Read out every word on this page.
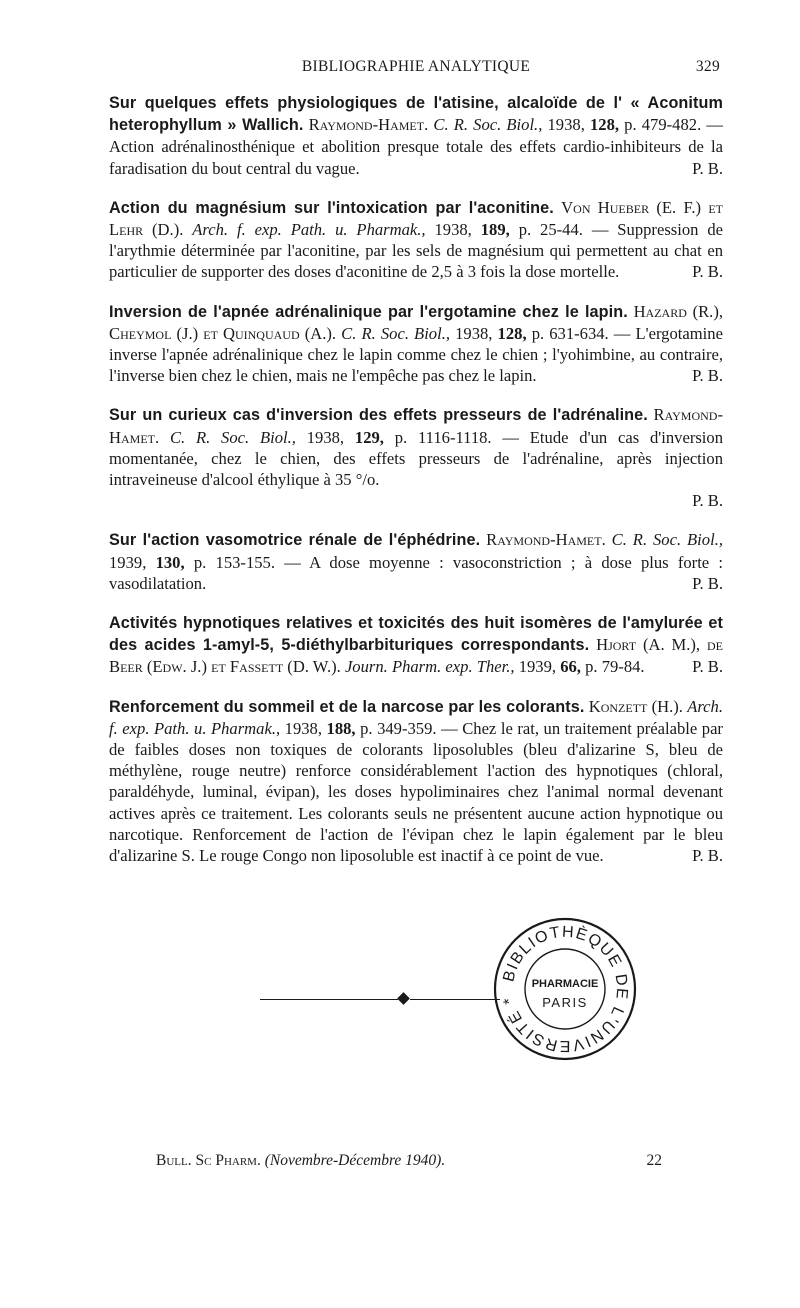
BIBLIOGRAPHIE ANALYTIQUE	329
Sur quelques effets physiologiques de l'atisine, alcaloïde de l' « Aconitum heterophyllum » Wallich. Raymond-Hamet. C. R. Soc. Biol., 1938, 128, p. 479-482. — Action adrénalinosthénique et abolition presque totale des effets cardio-inhibiteurs de la faradisation du bout central du vague.	P. B.
Action du magnésium sur l'intoxication par l'aconitine. Von Hueber (E. F.) et Lehr (D.). Arch. f. exp. Path. u. Pharmak., 1938, 189, p. 25-44. — Suppression de l'arythmie déterminée par l'aconitine, par les sels de magnésium qui permettent au chat en particulier de supporter des doses d'aconitine de 2,5 à 3 fois la dose mortelle.	P. B.
Inversion de l'apnée adrénalinique par l'ergotamine chez le lapin. Hazard (R.), Cheymol (J.) et Quinquaud (A.). C. R. Soc. Biol., 1938, 128, p. 631-634. — L'ergotamine inverse l'apnée adrénalinique chez le lapin comme chez le chien ; l'yohimbine, au contraire, l'inverse bien chez le chien, mais ne l'empêche pas chez le lapin.	P. B.
Sur un curieux cas d'inversion des effets presseurs de l'adrénaline. Raymond-Hamet. C. R. Soc. Biol., 1938, 129, p. 1116-1118. — Etude d'un cas d'inversion momentanée, chez le chien, des effets presseurs de l'adrénaline, après injection intraveineuse d'alcool éthylique à 35 °/o.
P. B.
Sur l'action vasomotrice rénale de l'éphédrine. Raymond-Hamet. C. R. Soc. Biol., 1939, 130, p. 153-155. — A dose moyenne : vasoconstriction ; à dose plus forte : vasodilatation.	P. B.
Activités hypnotiques relatives et toxicités des huit isomères de l'amylurée et des acides 1-amyl-5, 5-diéthylbarbituriques correspondants. Hjort (A. M.), de Beer (Edw. J.) et Fassett (D. W.). Journ. Pharm. exp. Ther., 1939, 66, p. 79-84.	P. B.
Renforcement du sommeil et de la narcose par les colorants. Konzett (H.). Arch. f. exp. Path. u. Pharmak., 1938, 188, p. 349-359. — Chez le rat, un traitement préalable par de faibles doses non toxiques de colorants liposolubles (bleu d'alizarine S, bleu de méthylène, rouge neutre) renforce considérablement l'action des hypnotiques (chloral, paraldéhyde, luminal, évipan), les doses hypoliminaires chez l'animal normal devenant actives après ce traitement. Les colorants seuls ne présentent aucune action hypnotique ou narcotique. Renforcement de l'action de l'évipan chez le lapin également par le bleu d'alizarine S. Le rouge Congo non liposoluble est inactif à ce point de vue.	P. B.
BIBLIOTHÈQUE DE L'UNIVERSITÉ *
PHARMACIE
PARIS
Bull. Sc Pharm. (Novembre-Décembre 1940).	22
